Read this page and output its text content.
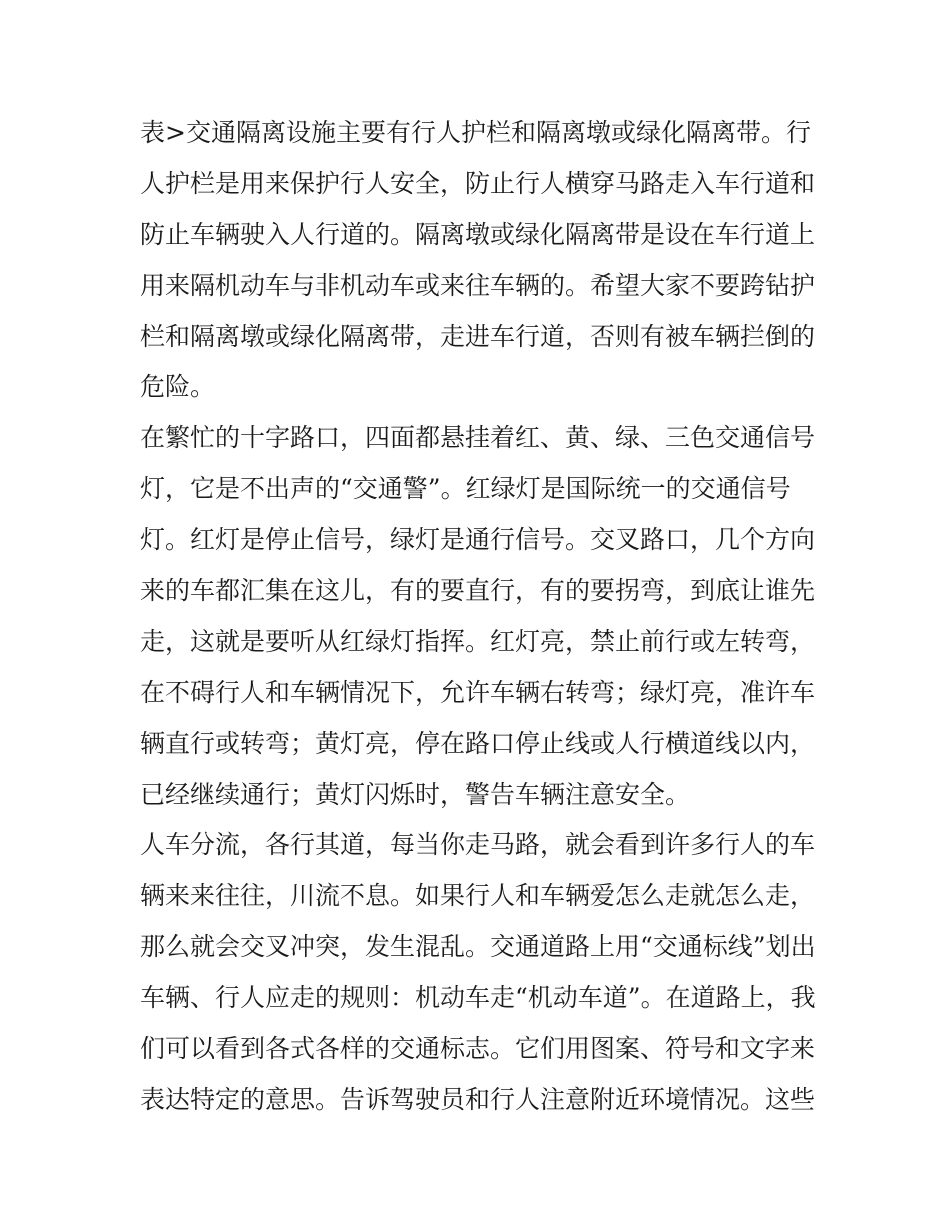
表>交通隔离设施主要有行人护栏和隔离墩或绿化隔离带。行
人护栏是用来保护行人安全，防止行人横穿马路走入车行道和
防止车辆驶入人行道的。隔离墩或绿化隔离带是设在车行道上
用来隔机动车与非机动车或来往车辆的。希望大家不要跨钻护
栏和隔离墩或绿化隔离带，走进车行道，否则有被车辆拦倒的
危险。
在繁忙的十字路口，四面都悬挂着红、黄、绿、三色交通信号
灯，它是不出声的“交通警”。红绿灯是国际统一的交通信号
灯。红灯是停止信号，绿灯是通行信号。交叉路口，几个方向
来的车都汇集在这儿，有的要直行，有的要拐弯，到底让谁先
走，这就是要听从红绿灯指挥。红灯亮，禁止前行或左转弯，
在不碍行人和车辆情况下，允许车辆右转弯；绿灯亮，准许车
辆直行或转弯；黄灯亮，停在路口停止线或人行横道线以内，
已经继续通行；黄灯闪烁时，警告车辆注意安全。
人车分流，各行其道，每当你走马路，就会看到许多行人的车
辆来来往往，川流不息。如果行人和车辆爱怎么走就怎么走，
那么就会交叉冲突，发生混乱。交通道路上用“交通标线”划出
车辆、行人应走的规则：机动车走“机动车道”。在道路上，我
们可以看到各式各样的交通标志。它们用图案、符号和文字来
表达特定的意思。告诉驾驶员和行人注意附近环境情况。这些
